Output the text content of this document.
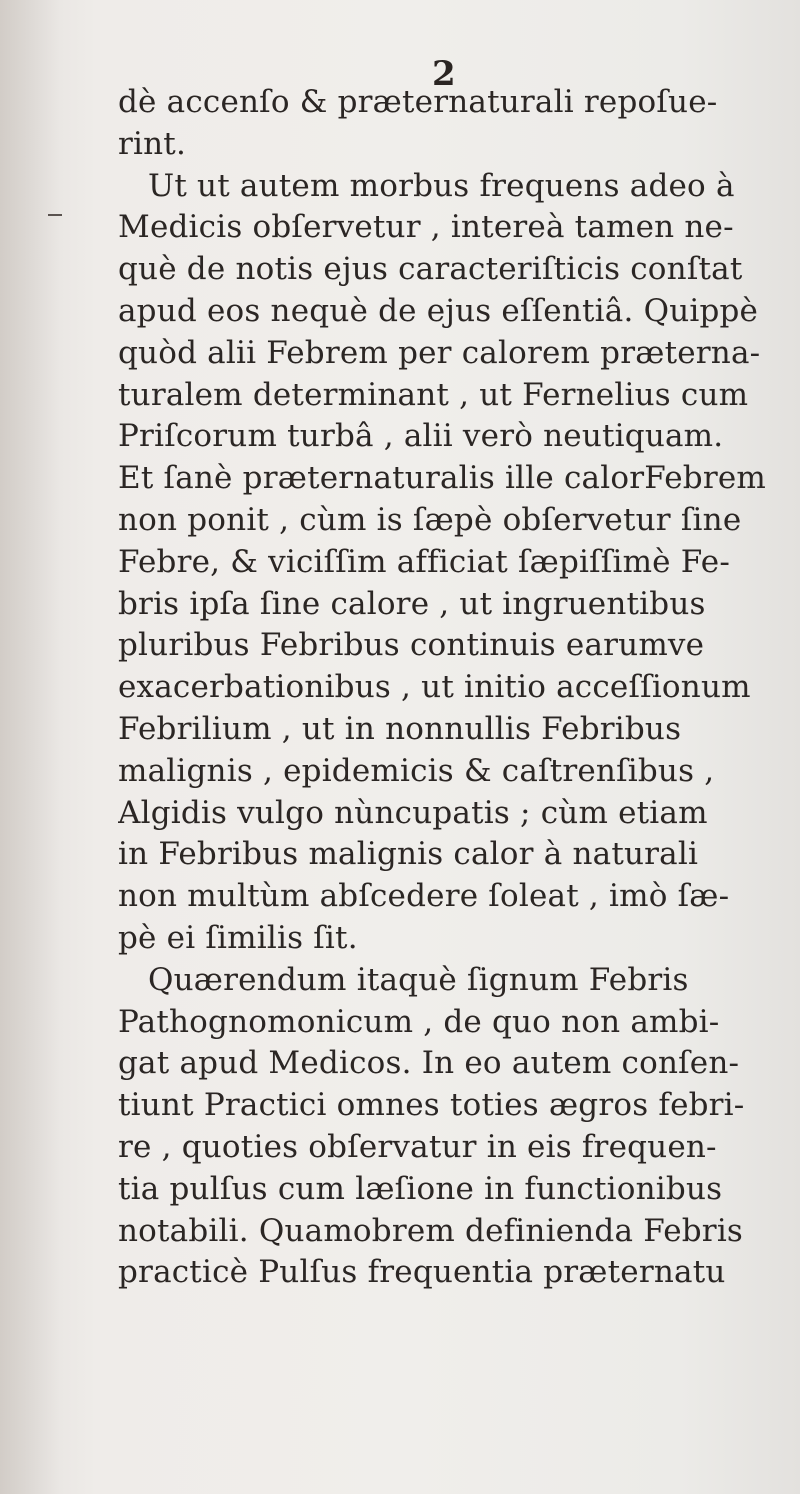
2
dè accenſo & præternaturali repoſue-
rint.
Ut ut autem morbus frequens adeo à
Medicis obſervetur , intereà tamen ne-
què de notis ejus caracteriſticis conſtat
apud eos nequè de ejus eſſentiâ. Quippè
quòd alii Febrem per calorem præterna-
turalem determinant , ut Fernelius cum
Priſcorum turbâ , alii verò neutiquam.
Et ſanè præternaturalis ille calorFebrem
non ponit , cùm is ſæpè obſervetur ſine
Febre, & viciſſim afficiat ſæpiſſimè Fe-
bris ipſa ſine calore , ut ingruentibus
pluribus Febribus continuis earumve
exacerbationibus , ut initio acceſſionum
Febrilium , ut in nonnullis Febribus
malignis , epidemicis & caſtrenſibus ,
Algidis vulgo nùncupatis ; cùm etiam
in Febribus malignis calor à naturali
non multùm abſcedere ſoleat , imò ſæ-
pè ei ſimilis ſit.
Quærendum itaquè ſignum Febris
Pathognomonicum , de quo non ambi-
gat apud Medicos. In eo autem conſen-
tiunt Practici omnes toties ægros febri-
re , quoties obſervatur in eis frequen-
tia pulſus cum læſione in functionibus
notabili. Quamobrem definienda Febris
practicè Pulſus frequentia præternatu
